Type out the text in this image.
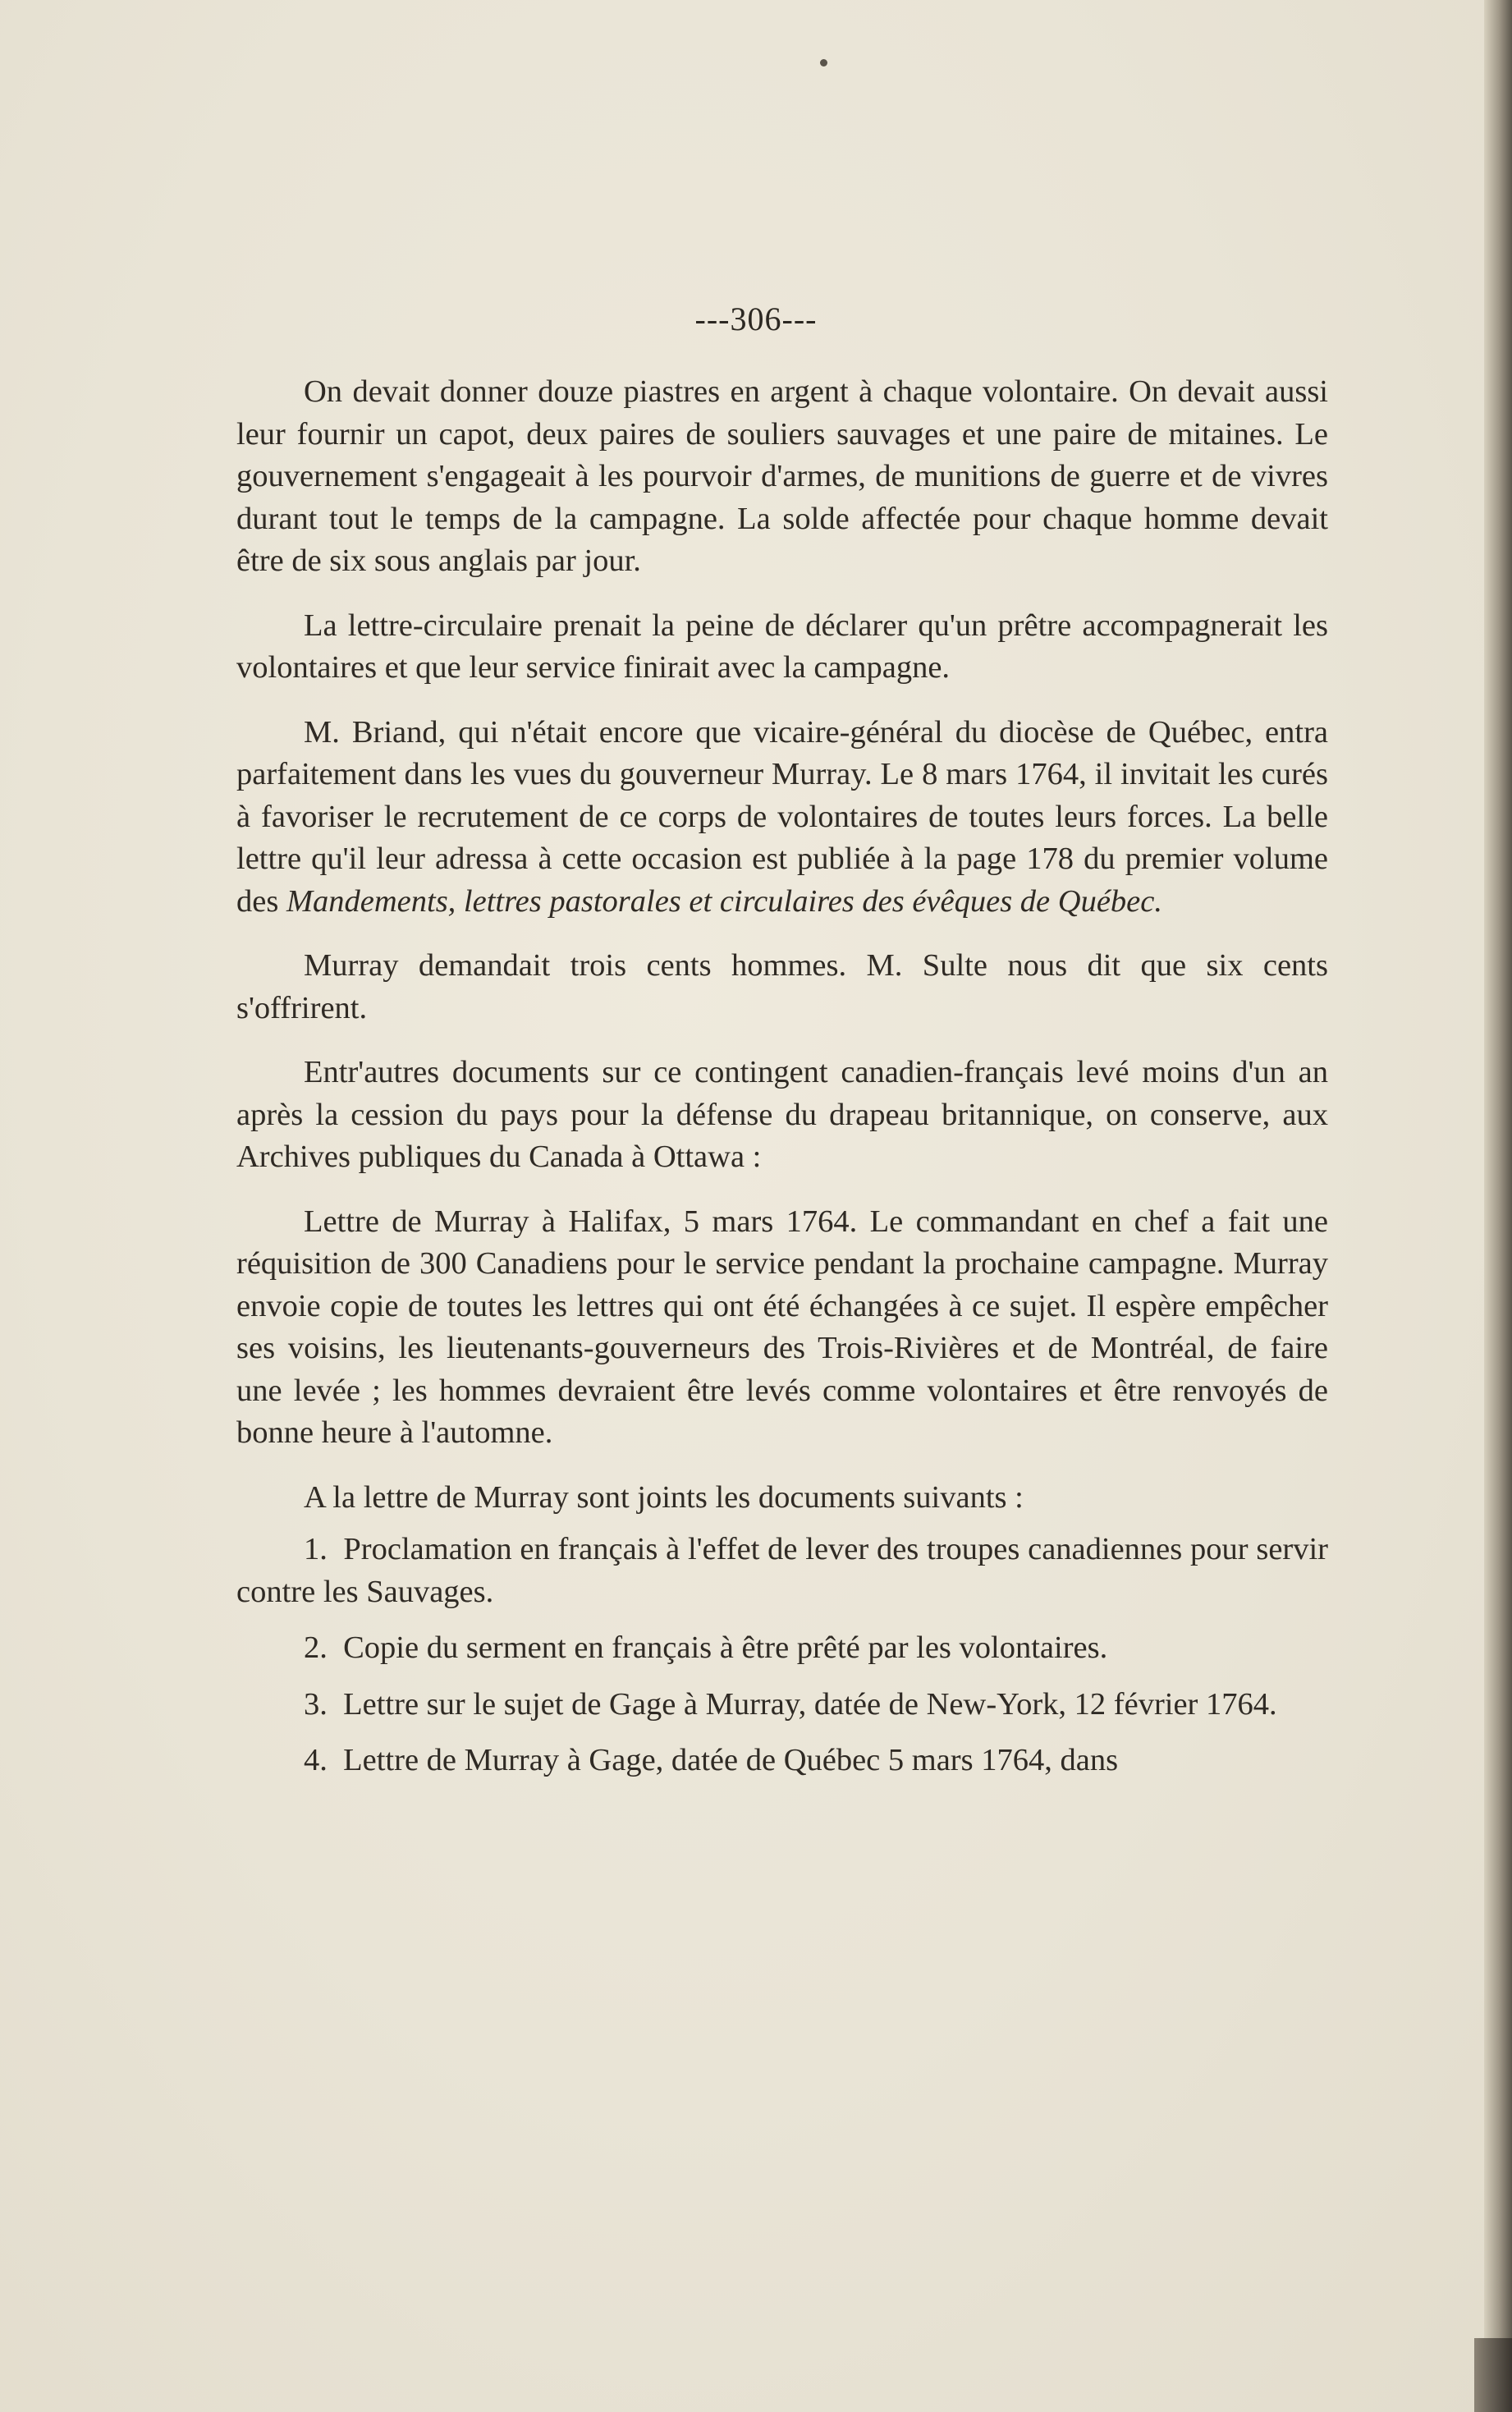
---306---

On devait donner douze piastres en argent à chaque volontaire. On devait aussi leur fournir un capot, deux paires de souliers sauvages et une paire de mitaines. Le gouvernement s'engageait à les pourvoir d'armes, de munitions de guerre et de vivres durant tout le temps de la campagne. La solde affectée pour chaque homme devait être de six sous anglais par jour.

La lettre-circulaire prenait la peine de déclarer qu'un prêtre accompagnerait les volontaires et que leur service finirait avec la campagne.

M. Briand, qui n'était encore que vicaire-général du diocèse de Québec, entra parfaitement dans les vues du gouverneur Murray. Le 8 mars 1764, il invitait les curés à favoriser le recrutement de ce corps de volontaires de toutes leurs forces. La belle lettre qu'il leur adressa à cette occasion est publiée à la page 178 du premier volume des Mandements, lettres pastorales et circulaires des évêques de Québec.

Murray demandait trois cents hommes. M. Sulte nous dit que six cents s'offrirent.

Entr'autres documents sur ce contingent canadien-français levé moins d'un an après la cession du pays pour la défense du drapeau britannique, on conserve, aux Archives publiques du Canada à Ottawa :

Lettre de Murray à Halifax, 5 mars 1764. Le commandant en chef a fait une réquisition de 300 Canadiens pour le service pendant la prochaine campagne. Murray envoie copie de toutes les lettres qui ont été échangées à ce sujet. Il espère empêcher ses voisins, les lieutenants-gouverneurs des Trois-Rivières et de Montréal, de faire une levée ; les hommes devraient être levés comme volontaires et être renvoyés de bonne heure à l'automne.

A la lettre de Murray sont joints les documents suivants :

1. Proclamation en français à l'effet de lever des troupes canadiennes pour servir contre les Sauvages.

2. Copie du serment en français à être prêté par les volontaires.

3. Lettre sur le sujet de Gage à Murray, datée de New-York, 12 février 1764.

4. Lettre de Murray à Gage, datée de Québec 5 mars 1764, dans
